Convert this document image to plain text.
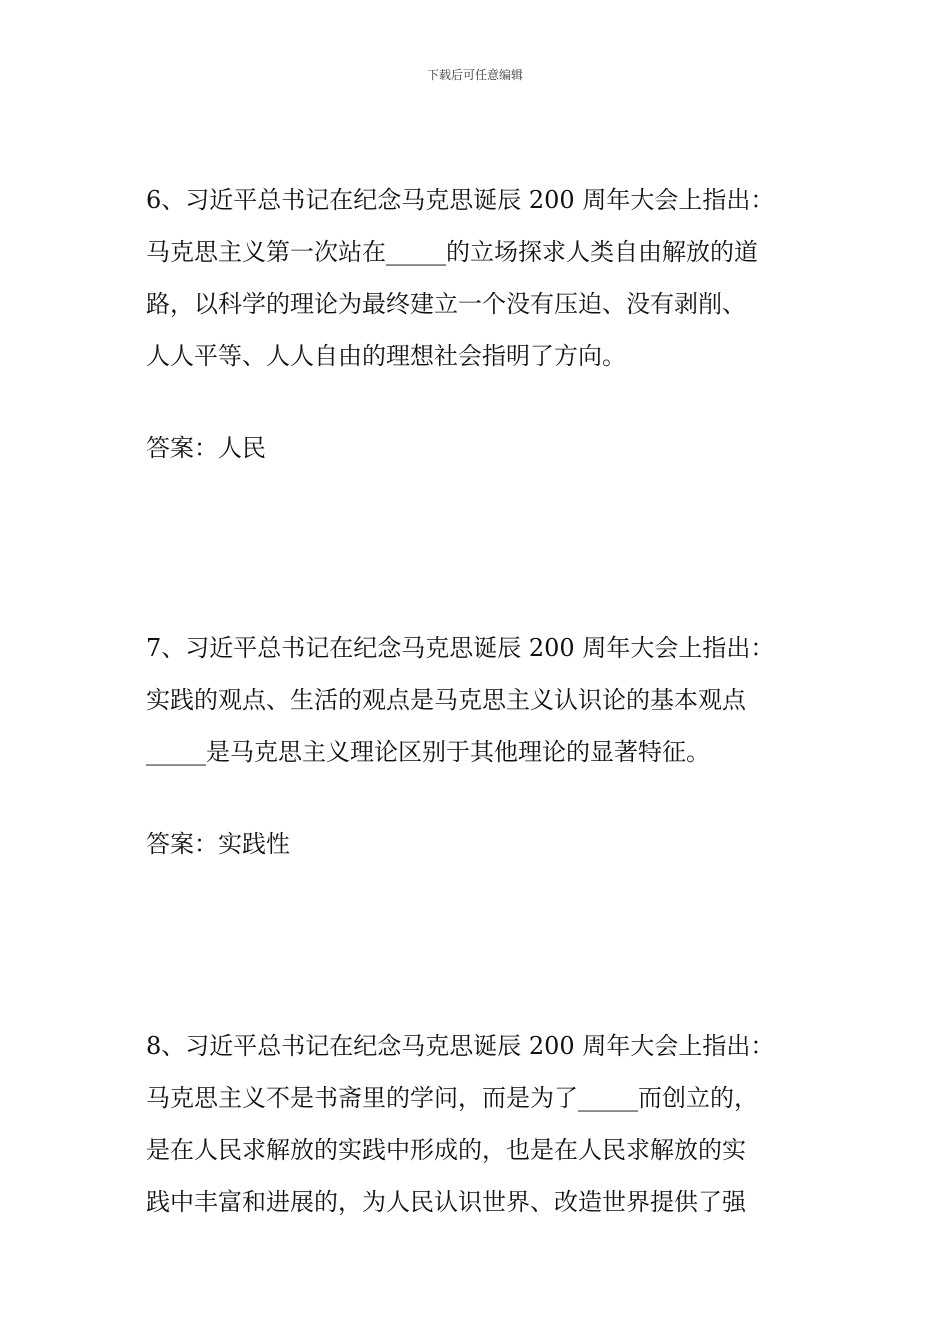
下载后可任意编辑
6、习近平总书记在纪念马克思诞辰 200 周年大会上指出：
马克思主义第一次站在_____的立场探求人类自由解放的道
路，以科学的理论为最终建立一个没有压迫、没有剥削、
人人平等、人人自由的理想社会指明了方向。
答案：人民
7、习近平总书记在纪念马克思诞辰 200 周年大会上指出：
实践的观点、生活的观点是马克思主义认识论的基本观点
_____是马克思主义理论区别于其他理论的显著特征。
答案：实践性
8、习近平总书记在纪念马克思诞辰 200 周年大会上指出：
马克思主义不是书斋里的学问，而是为了_____而创立的，
是在人民求解放的实践中形成的，也是在人民求解放的实
践中丰富和进展的，为人民认识世界、改造世界提供了强
